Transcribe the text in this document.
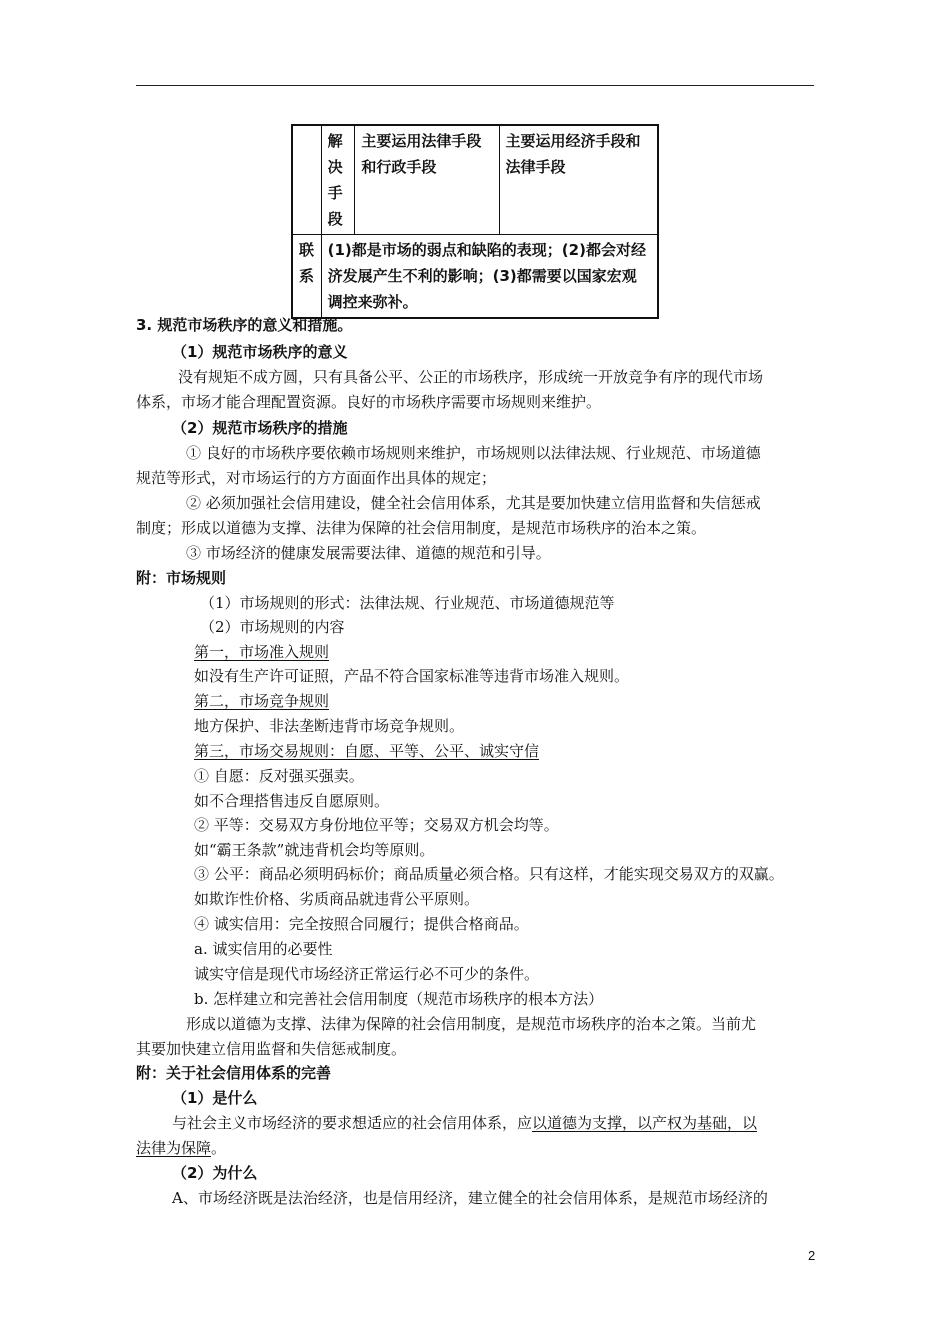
	解
决
手
段	主要运用法律手段和行政手段	主要运用经济手段和法律手段

联
系	(1)都是市场的弱点和缺陷的表现；(2)都会对经济发展产生不利的影响；(3)都需要以国家宏观调控来弥补。		
3. 规范市场秩序的意义和措施。
（1）规范市场秩序的意义
没有规矩不成方圆，只有具备公平、公正的市场秩序，形成统一开放竞争有序的现代市场
体系，市场才能合理配置资源。良好的市场秩序需要市场规则来维护。
（2）规范市场秩序的措施
① 良好的市场秩序要依赖市场规则来维护，市场规则以法律法规、行业规范、市场道德
规范等形式，对市场运行的方方面面作出具体的规定；
② 必须加强社会信用建设，健全社会信用体系，尤其是要加快建立信用监督和失信惩戒
制度；形成以道德为支撑、法律为保障的社会信用制度，是规范市场秩序的治本之策。
③ 市场经济的健康发展需要法律、道德的规范和引导。
附：市场规则
（1）市场规则的形式：法律法规、行业规范、市场道德规范等
（2）市场规则的内容
第一，市场准入规则
如没有生产许可证照，产品不符合国家标准等违背市场准入规则。
第二，市场竞争规则
地方保护、非法垄断违背市场竞争规则。
第三，市场交易规则：自愿、平等、公平、诚实守信
① 自愿：反对强买强卖。
如不合理搭售违反自愿原则。
② 平等：交易双方身份地位平等；交易双方机会均等。
如“霸王条款”就违背机会均等原则。
③ 公平：商品必须明码标价；商品质量必须合格。只有这样，才能实现交易双方的双赢。
如欺诈性价格、劣质商品就违背公平原则。
④ 诚实信用：完全按照合同履行；提供合格商品。
a. 诚实信用的必要性
诚实守信是现代市场经济正常运行必不可少的条件。
b. 怎样建立和完善社会信用制度（规范市场秩序的根本方法）
形成以道德为支撑、法律为保障的社会信用制度，是规范市场秩序的治本之策。当前尤
其要加快建立信用监督和失信惩戒制度。
附：关于社会信用体系的完善
（1）是什么
与社会主义市场经济的要求想适应的社会信用体系，应以道德为支撑，以产权为基础，以
法律为保障。
（2）为什么
A、市场经济既是法治经济，也是信用经济，建立健全的社会信用体系，是规范市场经济的
2
